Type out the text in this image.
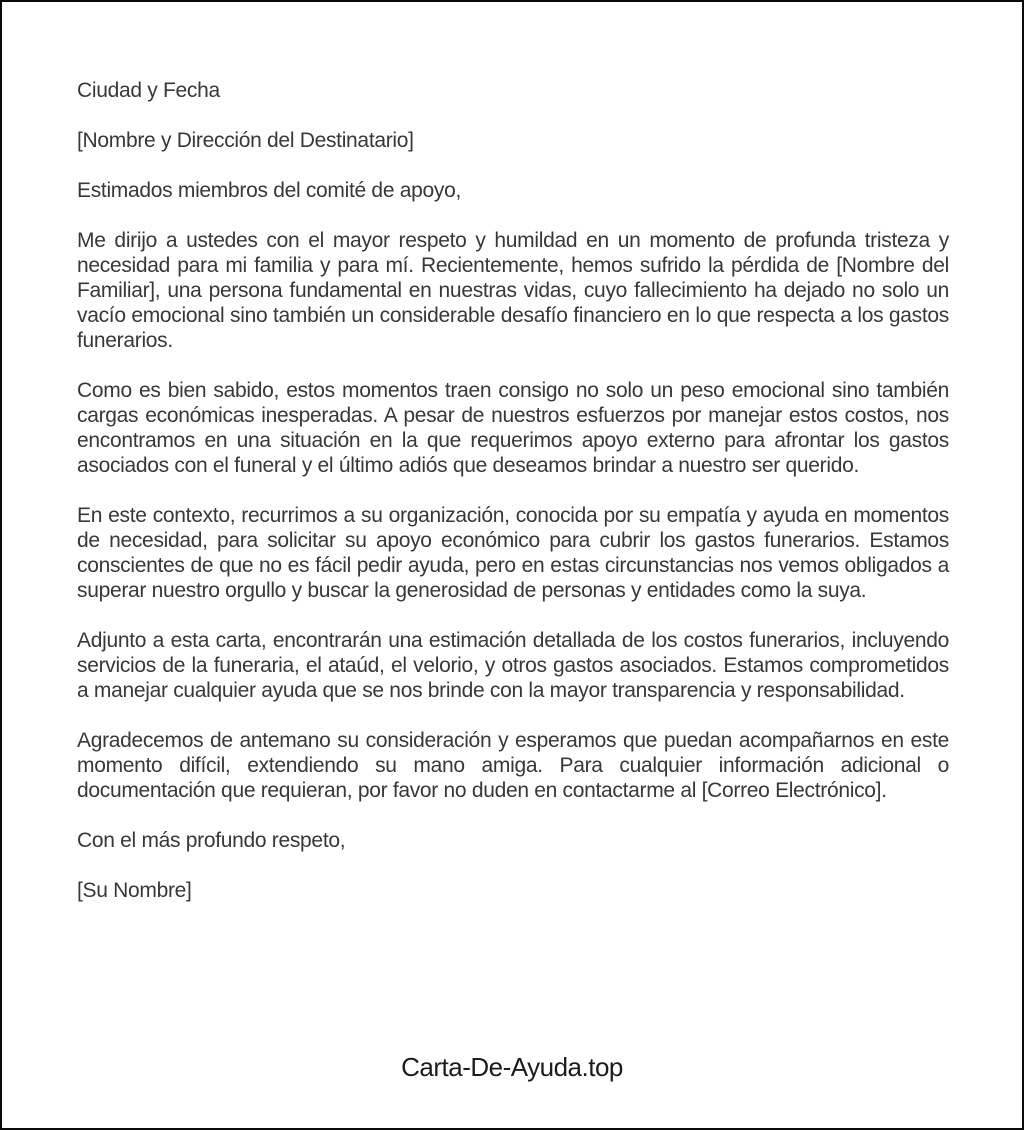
Ciudad y Fecha

[Nombre y Dirección del Destinatario]

Estimados miembros del comité de apoyo,

Me dirijo a ustedes con el mayor respeto y humildad en un momento de profunda tristeza y necesidad para mi familia y para mí. Recientemente, hemos sufrido la pérdida de [Nombre del Familiar], una persona fundamental en nuestras vidas, cuyo fallecimiento ha dejado no solo un vacío emocional sino también un considerable desafío financiero en lo que respecta a los gastos funerarios.

Como es bien sabido, estos momentos traen consigo no solo un peso emocional sino también cargas económicas inesperadas. A pesar de nuestros esfuerzos por manejar estos costos, nos encontramos en una situación en la que requerimos apoyo externo para afrontar los gastos asociados con el funeral y el último adiós que deseamos brindar a nuestro ser querido.

En este contexto, recurrimos a su organización, conocida por su empatía y ayuda en momentos de necesidad, para solicitar su apoyo económico para cubrir los gastos funerarios. Estamos conscientes de que no es fácil pedir ayuda, pero en estas circunstancias nos vemos obligados a superar nuestro orgullo y buscar la generosidad de personas y entidades como la suya.

Adjunto a esta carta, encontrarán una estimación detallada de los costos funerarios, incluyendo servicios de la funeraria, el ataúd, el velorio, y otros gastos asociados. Estamos comprometidos a manejar cualquier ayuda que se nos brinde con la mayor transparencia y responsabilidad.

Agradecemos de antemano su consideración y esperamos que puedan acompañarnos en este momento difícil, extendiendo su mano amiga. Para cualquier información adicional o documentación que requieran, por favor no duden en contactarme al [Correo Electrónico].

Con el más profundo respeto,

[Su Nombre]

Carta-De-Ayuda.top
